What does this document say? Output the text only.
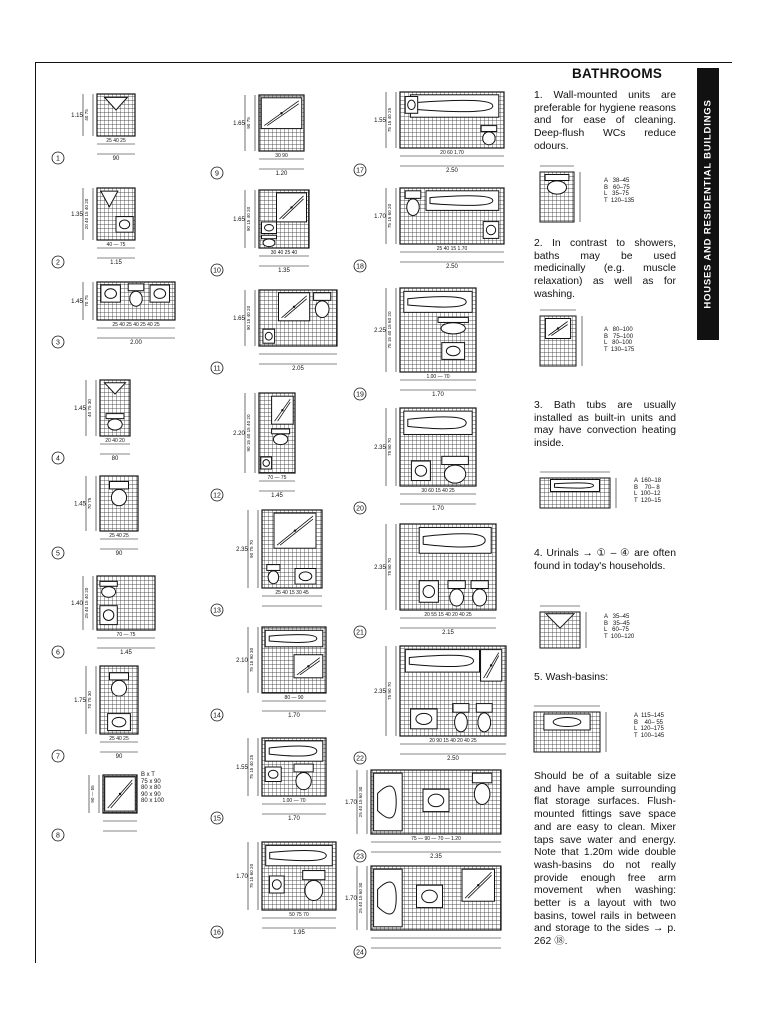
1.15
25 40 25
90
40 75
1
1.35
40 — 75
1.15
20 40 15 40 20
2
1.45
25 40 25 40 25 40 25
2.00
70 75
3
1.45
20 40 20
80
40 75 30
4
1.45
25 40 25
90
70 75
5
1.40
70 — 75
1.45
25 40 15 40 20
6
1.75
25 40 25
90
70 75 30
7
90 — 55
8
1.65
30 90
1.20
90 75
9
1.65
30 40 25 40
1.35
90 15 40 20
10
1.65
2.05
90 15 40 20
11
2.20
70 — 75
1.45
90 15 40 15 40 20
12
2.35
25 40 15 30 45
90 75 70
13
2.10
80 — 90
1.70
75 15 90 30
14
1.55
1.00 — 70
1.70
75 15 40 25
15
1.70
50 75 70
1.95
75 15 60 20
16
1.55
20 60 1.70
2.50
75 15 40 25
17
1.70
25 40 15 1.70
2.50
75 15 60 20
18
2.25
1.00 — 70
1.70
75 15 40 15 60 20
19
2.35
30 60 15 40 25
1.70
75 90 70
20
2.35
20 55 15 40 20 40 25
2.15
75 90 70
21
2.35
20 90 15 40 20 40 25
2.50
75 90 70
22
1.70
75 — 90 — 70 — 1.20
2.35
25 40 15 60 30
23
1.70 25 40 15 60 30
24
BATHROOMS
HOUSES AND RESIDENTIAL BUILDINGS
1. Wall-mounted units are preferable for hygiene reasons and for ease of cleaning. Deep-flush WCs reduce odours.
2. In contrast to showers, baths may be used medicinally (e.g. muscle relaxation) as well as for washing.
3. Bath tubs are usually installed as built-in units and may have convection heating inside.
4. Urinals → ① – ④ are often found in today's households.
5. Wash-basins:
Should be of a suitable size and have ample surrounding flat storage surfaces. Flush-mounted fittings save space and are easy to clean. Mixer taps save water and energy. Note that 1.20m wide double wash-basins do not really provide enough free arm movement when washing: better is a layout with two basins, towel rails in between and storage to the sides → p. 262 ⑱.
A   38–45
B   60–75
L   35–75
T  120–135
A   80–100
B   75–100
L   80–100
T  130–175
A  160–18
B    70– 8
L  100–12
T  120–15
A   35–45
B   35–45
L   60–75
T  100–120
A  115–145
B    40– 55
L  120–175
T  100–145
B x T
75 x 90
80 x 80
90 x 90
80 x 100
